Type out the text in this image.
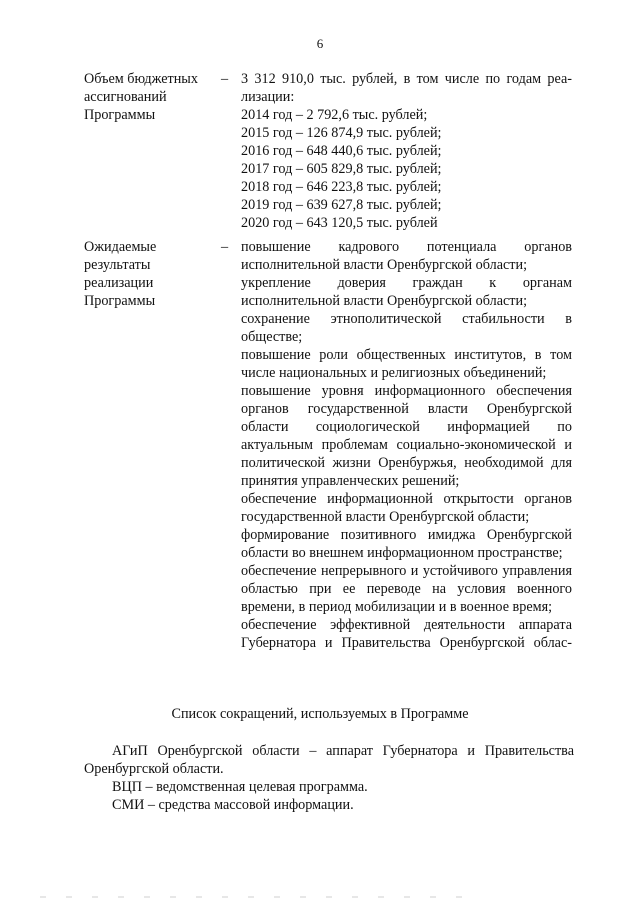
6
Объем бюджетных ассигнований Программы
– 3 312 910,0 тыс. рублей, в том числе по годам реа-

лизации:

2014 год – 2 792,6 тыс. рублей;

2015 год – 126 874,9 тыс. рублей;

2016 год – 648 440,6 тыс. рублей;

2017 год – 605 829,8 тыс. рублей;

2018 год – 646 223,8 тыс. рублей;

2019 год – 639 627,8 тыс. рублей;

2020 год – 643 120,5 тыс. рублей

Ожидаемые результаты реализации Программы
– повышение кадрового потенциала органов исполнительной власти Оренбургской области;

укрепление доверия граждан к органам исполнительной власти Оренбургской области;

сохранение этнополитической стабильности в обществе;

повышение роли общественных институтов, в том числе национальных и религиозных объединений;

повышение уровня информационного обеспечения органов государственной власти Оренбургской области социологической информацией по актуальным проблемам социально-экономической и политической жизни Оренбуржья, необходимой для принятия управленческих решений;

обеспечение информационной открытости органов государственной власти Оренбургской области;

формирование позитивного имиджа Оренбургской области во внешнем информационном пространстве;

обеспечение непрерывного и устойчивого управления областью при ее переводе на условия военного времени, в период мобилизации и в военное время;

обеспечение эффективной деятельности аппарата Губернатора и Правительства Оренбургской облас-

Список сокращений, используемых в Программе

АГиП Оренбургской области – аппарат Губернатора и Правительства Оренбургской области.

ВЦП – ведомственная целевая программа.

СМИ – средства массовой информации.
